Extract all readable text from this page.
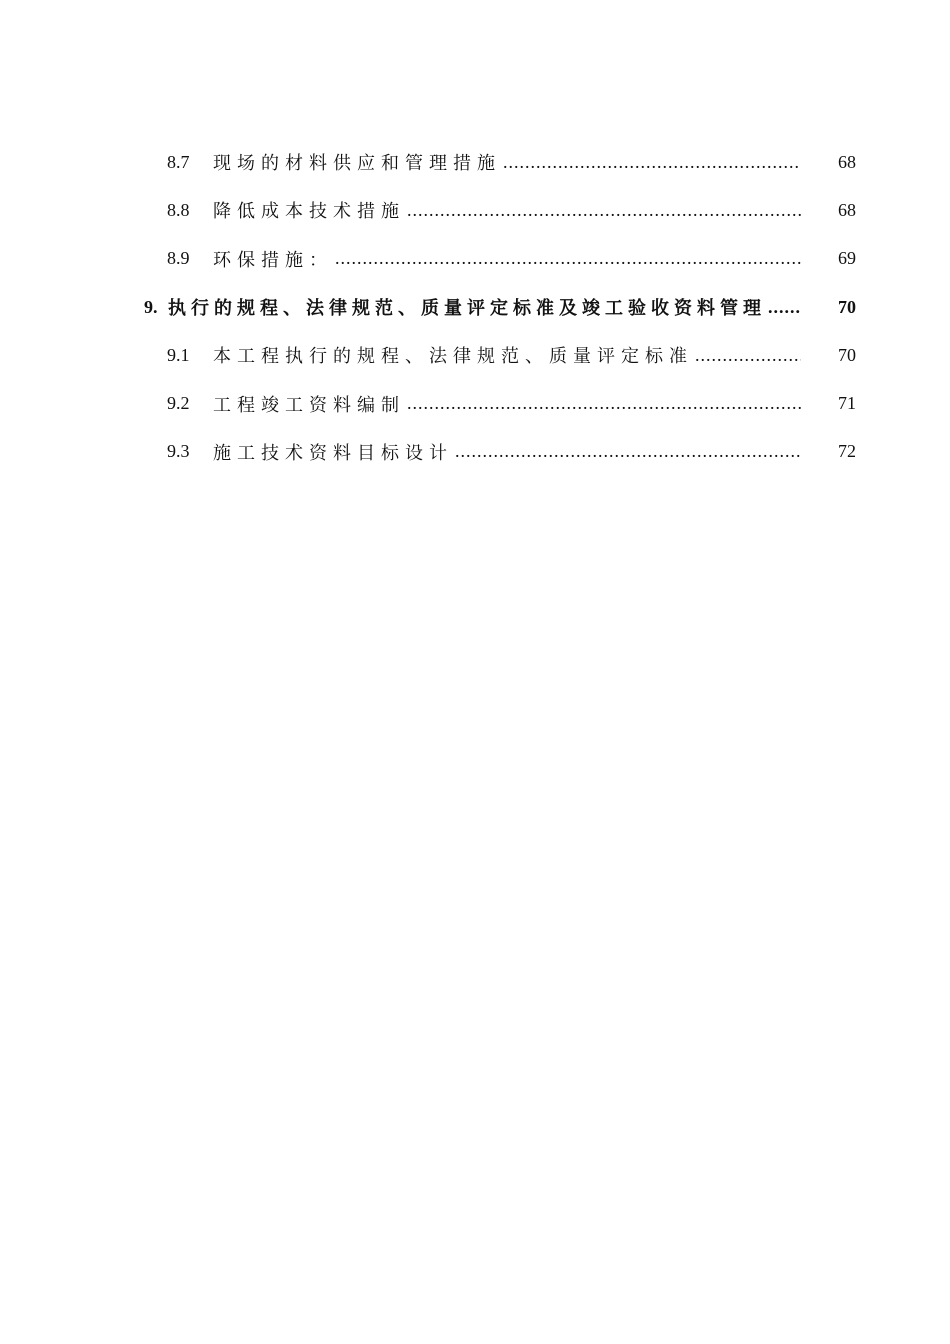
8.7	现场的材料供应和管理措施 .....	68
8.8	降低成本技术措施 .....	68
8.9	环保措施： .....	69
9. 执行的规程、法律规范、质量评定标准及竣工验收资料管理 .....	70
9.1	本工程执行的规程、法律规范、质量评定标准 .....	70
9.2	工程竣工资料编制 .....	71
9.3	施工技术资料目标设计 .....	72
